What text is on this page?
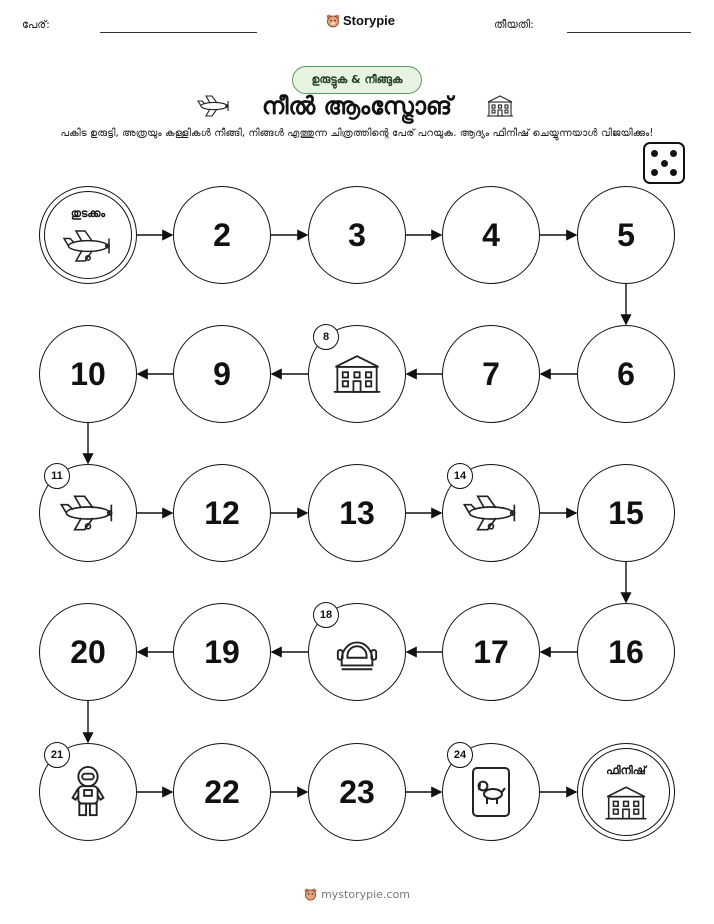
പേര്:	Storypie	തീയതി:
ഉരുട്ടുക & നീങ്ങുക
നീൽ ആംസ്ട്രോങ്
പകിട ഉരുട്ടി, അത്രയും കള്ളികൾ നീങ്ങി, നിങ്ങൾ എത്തുന്ന ചിത്രത്തിന്റെ പേര് പറയുക. ആദ്യം ഫിനിഷ് ചെയ്യുന്നയാൾ വിജയിക്കും!
തുടക്കം
2	3	4	5
6
7
8
9
10
11
12	13
14
15
16
17
18
19
20
21
22	23
24
ഫിനിഷ്
mystorypie.com
